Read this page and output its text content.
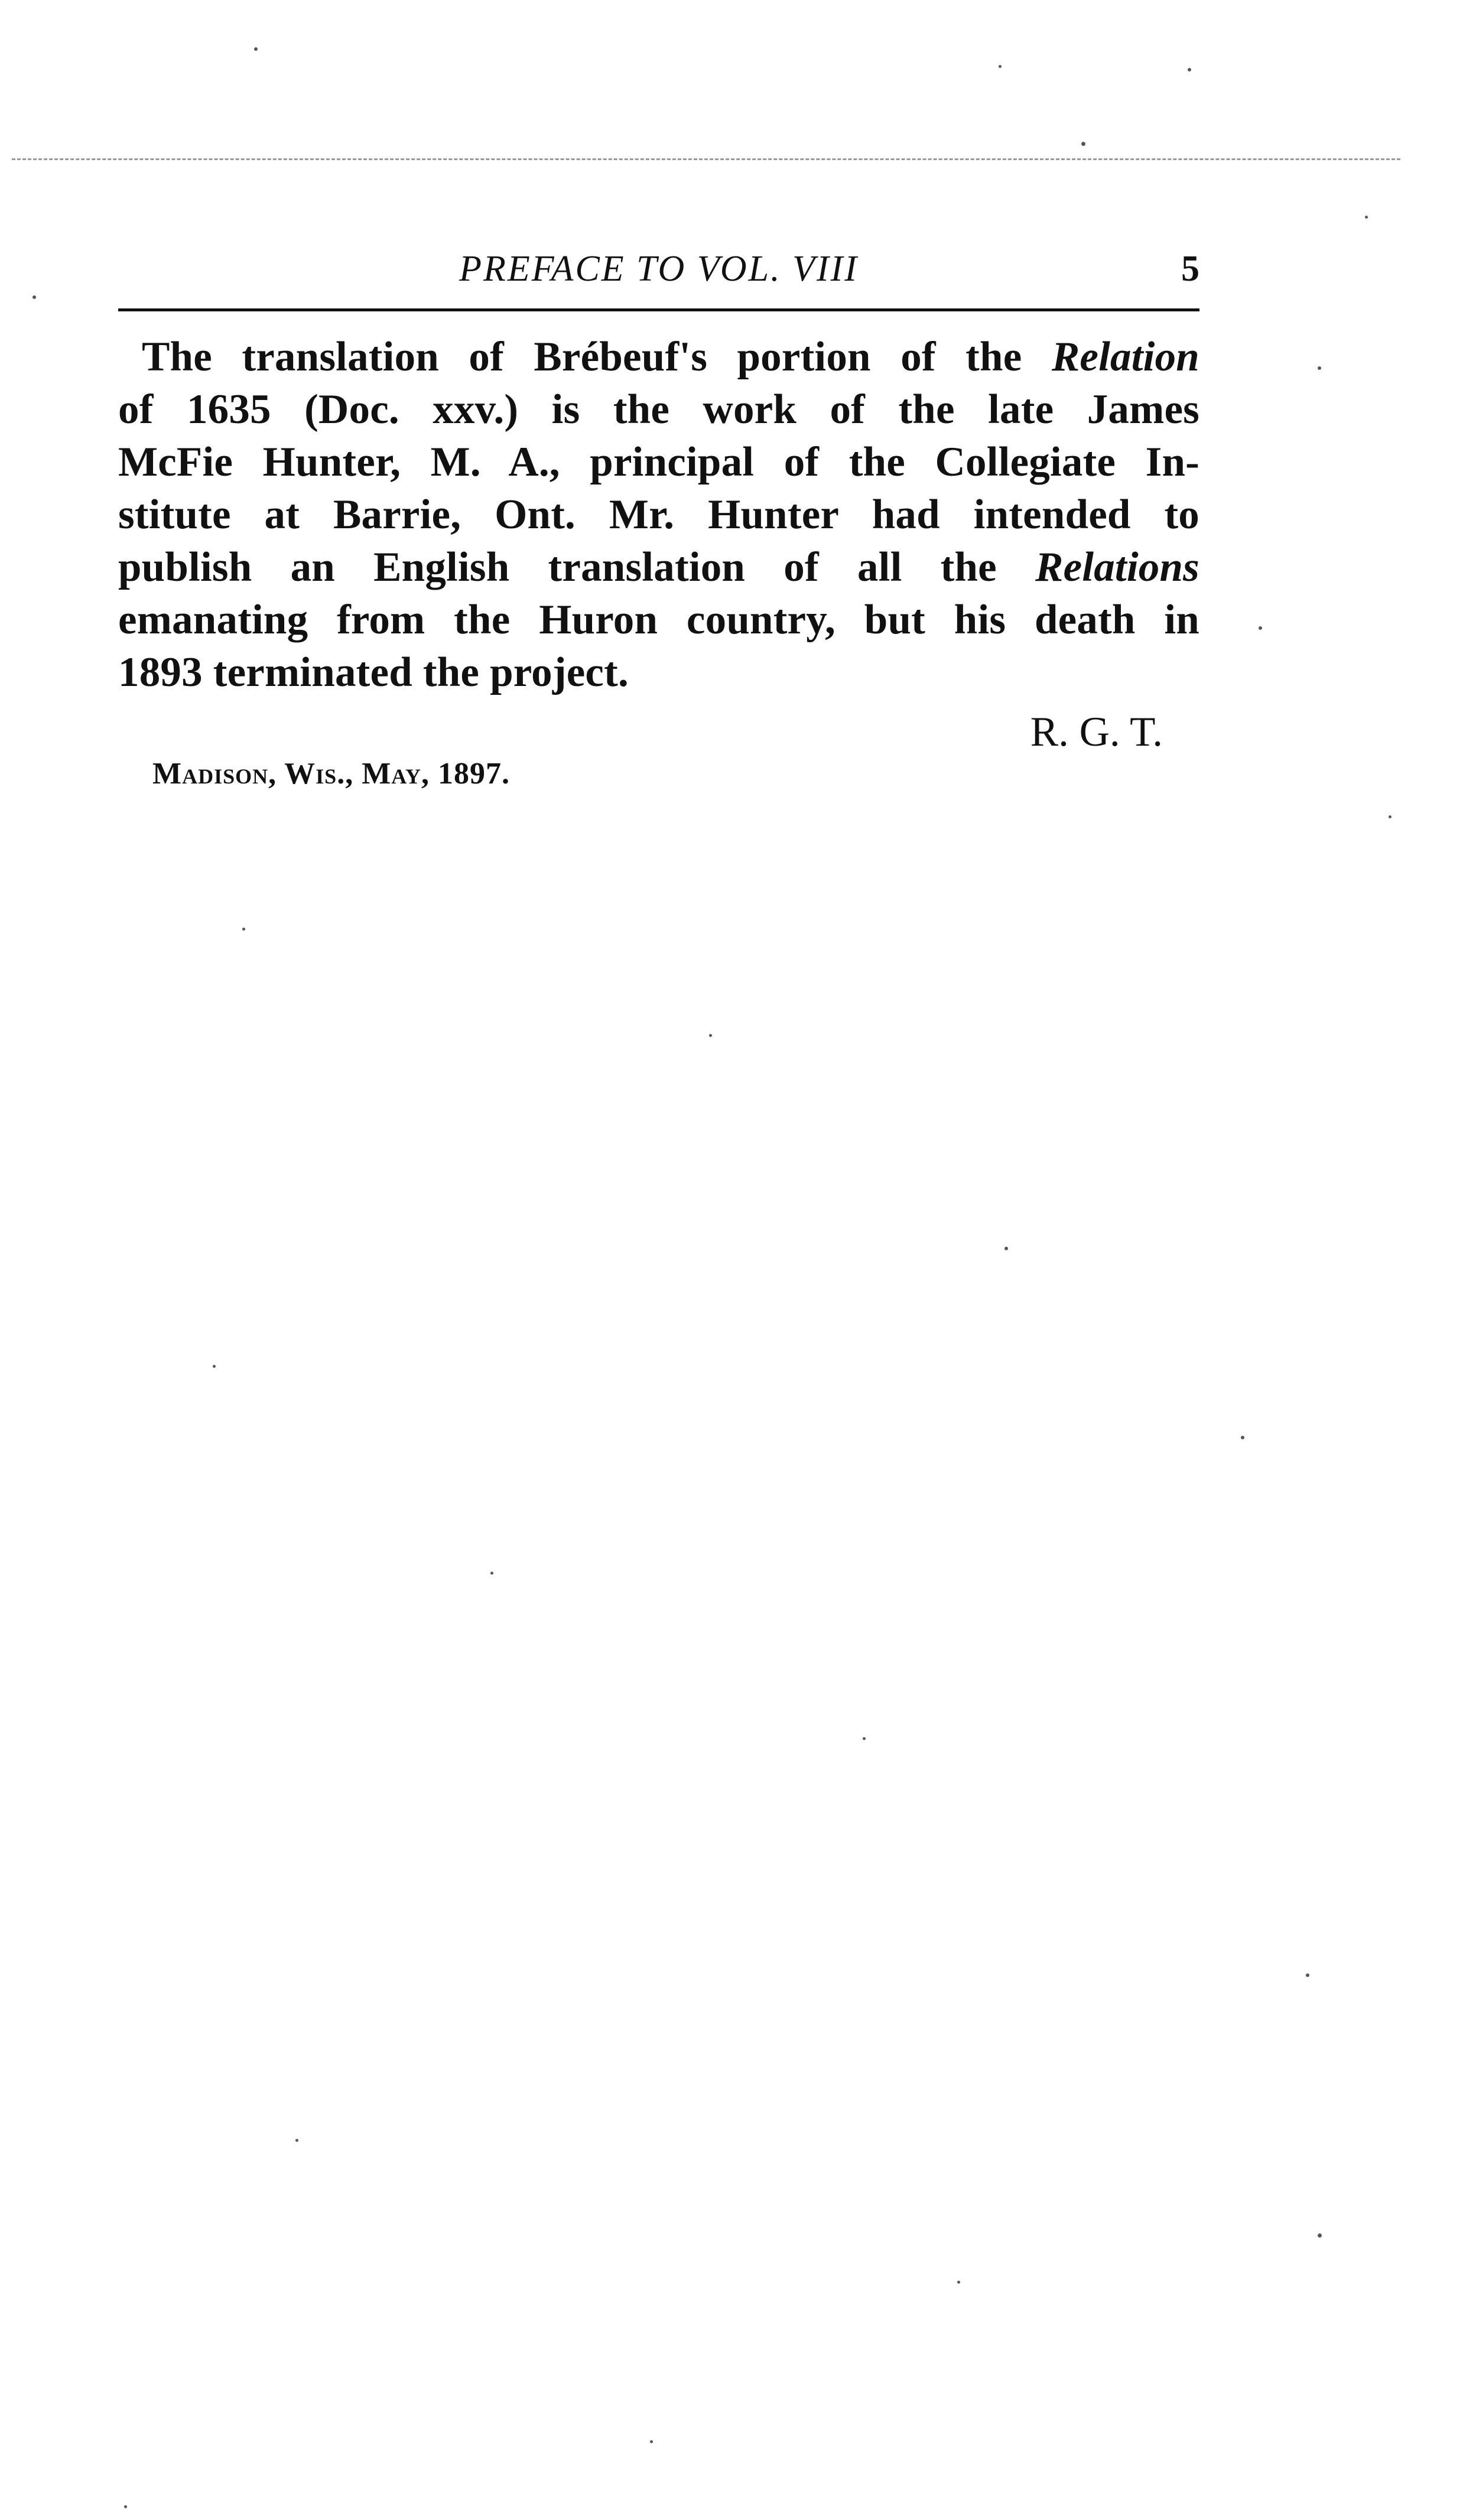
PREFACE TO VOL. VIII	5
The translation of Brébeuf's portion of the Relation
of 1635 (Doc. xxv.) is the work of the late James
McFie Hunter, M. A., principal of the Collegiate In-
stitute at Barrie, Ont. Mr. Hunter had intended to
publish an English translation of all the Relations
emanating from the Huron country, but his death in
1893 terminated the project.
R. G. T.
Madison, Wis., May, 1897.
